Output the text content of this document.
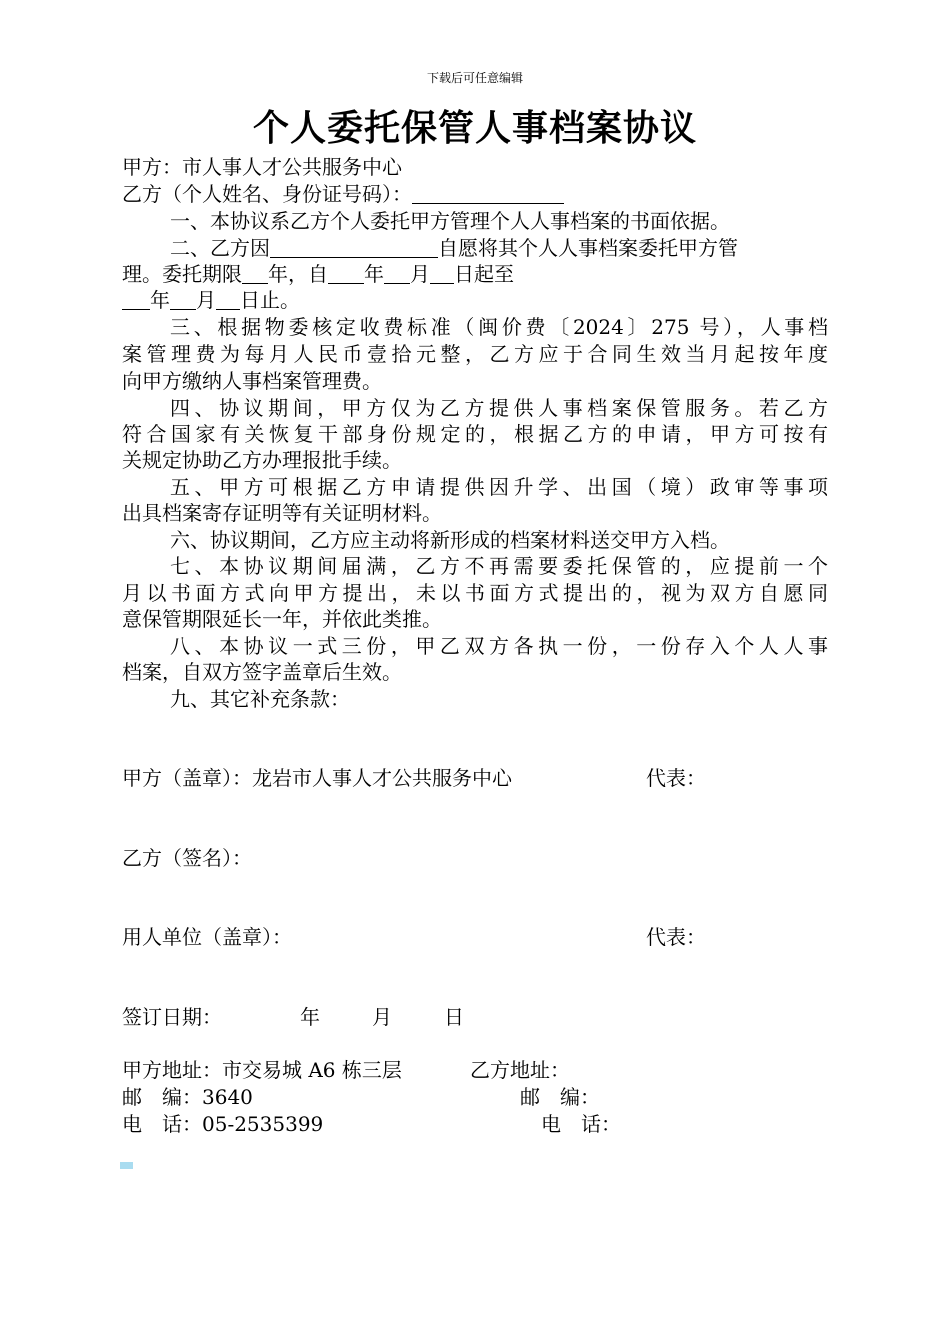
下载后可任意编辑
个人委托保管人事档案协议
甲方：市人事人才公共服务中心
乙方（个人姓名、身份证号码）：
一、本协议系乙方个人委托甲方管理个人人事档案的书面依据。
二、乙方因	自愿将其个人人事档案委托甲方管
理。委托期限 年，自 年 月 日起至
年 月 日止。
三、根据物委核定收费标准（闽价费〔2024〕275 号），人事档
案管理费为每月人民币壹拾元整，乙方应于合同生效当月起按年度
向甲方缴纳人事档案管理费。
四、协议期间，甲方仅为乙方提供人事档案保管服务。若乙方
符合国家有关恢复干部身份规定的，根据乙方的申请，甲方可按有
关规定协助乙方办理报批手续。
五、甲方可根据乙方申请提供因升学、出国（境）政审等事项
出具档案寄存证明等有关证明材料。
六、协议期间，乙方应主动将新形成的档案材料送交甲方入档。
七、本协议期间届满，乙方不再需要委托保管的，应提前一个
月以书面方式向甲方提出，未以书面方式提出的，视为双方自愿同
意保管期限延长一年，并依此类推。
八、本协议一式三份，甲乙双方各执一份，一份存入个人人事
档案，自双方签字盖章后生效。
九、其它补充条款：
甲方（盖章）：龙岩市人事人才公共服务中心	代表：
乙方（签名）：
用人单位（盖章）：	代表：
签订日期：	年	月	日
甲方地址：市交易城 A6 栋三层	乙方地址：
邮　编：3640	邮　编：
电　话：05-2535399	电　话：
